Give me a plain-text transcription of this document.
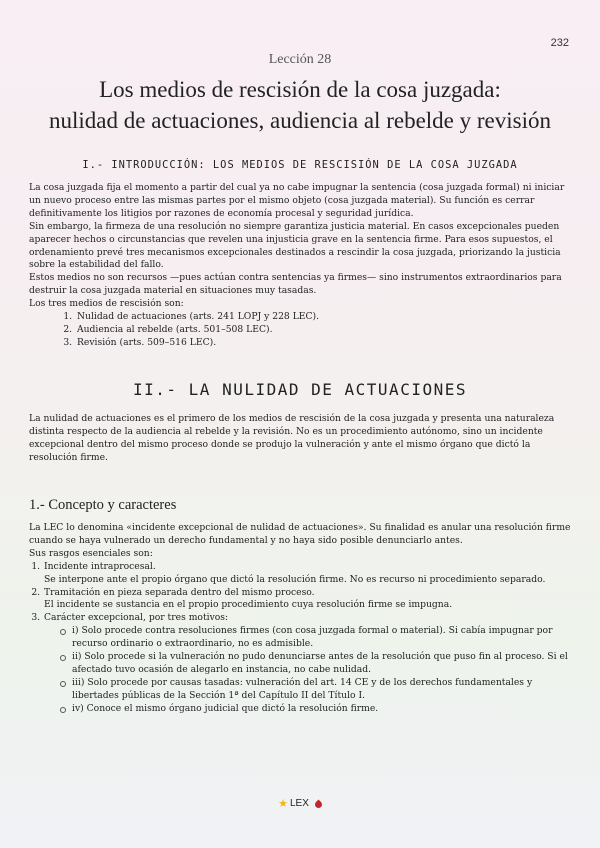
232
Lección 28
Los medios de rescisión de la cosa juzgada:
nulidad de actuaciones, audiencia al rebelde y revisión
I.- INTRODUCCIÓN: LOS MEDIOS DE RESCISIÓN DE LA COSA JUZGADA

La cosa juzgada fija el momento a partir del cual ya no cabe impugnar la sentencia (cosa juzgada formal) ni iniciar un nuevo proceso entre las mismas partes por el mismo objeto (cosa juzgada material). Su función es cerrar definitivamente los litigios por razones de economía procesal y seguridad jurídica.

Sin embargo, la firmeza de una resolución no siempre garantiza justicia material. En casos excepcionales pueden aparecer hechos o circunstancias que revelen una injusticia grave en la sentencia firme. Para esos supuestos, el ordenamiento prevé tres mecanismos excepcionales destinados a rescindir la cosa juzgada, priorizando la justicia sobre la estabilidad del fallo.

Estos medios no son recursos —pues actúan contra sentencias ya firmes— sino instrumentos extraordinarios para destruir la cosa juzgada material en situaciones muy tasadas.

Los tres medios de rescisión son:

1. Nulidad de actuaciones (arts. 241 LOPJ y 228 LEC).
2. Audiencia al rebelde (arts. 501–508 LEC).
3. Revisión (arts. 509–516 LEC).
II.- LA NULIDAD DE ACTUACIONES

La nulidad de actuaciones es el primero de los medios de rescisión de la cosa juzgada y presenta una naturaleza distinta respecto de la audiencia al rebelde y la revisión. No es un procedimiento autónomo, sino un incidente excepcional dentro del mismo proceso donde se produjo la vulneración y ante el mismo órgano que dictó la resolución firme.

1.- Concepto y caracteres

La LEC lo denomina «incidente excepcional de nulidad de actuaciones». Su finalidad es anular una resolución firme cuando se haya vulnerado un derecho fundamental y no haya sido posible denunciarlo antes.

Sus rasgos esenciales son:

1. Incidente intraprocesal.
Se interpone ante el propio órgano que dictó la resolución firme. No es recurso ni procedimiento separado.
2. Tramitación en pieza separada dentro del mismo proceso.
El incidente se sustancia en el propio procedimiento cuya resolución firme se impugna.
3. Carácter excepcional, por tres motivos:
i) Solo procede contra resoluciones firmes (con cosa juzgada formal o material). Si cabía impugnar por recurso ordinario o extraordinario, no es admisible.
ii) Solo procede si la vulneración no pudo denunciarse antes de la resolución que puso fin al proceso. Si el afectado tuvo ocasión de alegarlo en instancia, no cabe nulidad.
iii) Solo procede por causas tasadas: vulneración del art. 14 CE y de los derechos fundamentales y libertades públicas de la Sección 1ª del Capítulo II del Título I.
iv) Conoce el mismo órgano judicial que dictó la resolución firme.
★ LEX
